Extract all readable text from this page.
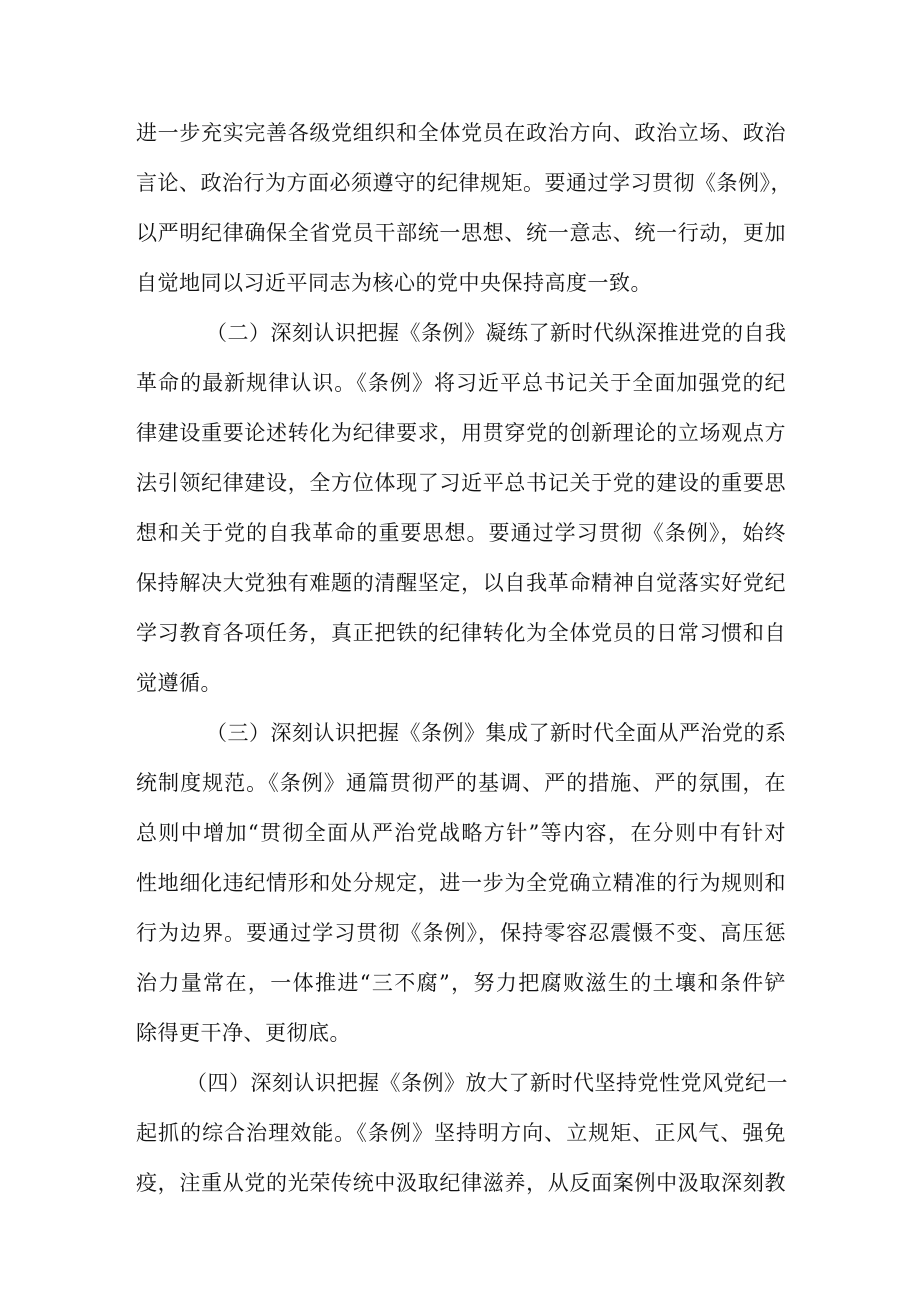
进一步充实完善各级党组织和全体党员在政治方向、政治立场、政治
言论、政治行为方面必须遵守的纪律规矩。要通过学习贯彻《条例》，
以严明纪律确保全省党员干部统一思想、统一意志、统一行动，更加
自觉地同以习近平同志为核心的党中央保持高度一致。
（二）深刻认识把握《条例》凝练了新时代纵深推进党的自我
革命的最新规律认识。《条例》将习近平总书记关于全面加强党的纪
律建设重要论述转化为纪律要求，用贯穿党的创新理论的立场观点方
法引领纪律建设，全方位体现了习近平总书记关于党的建设的重要思
想和关于党的自我革命的重要思想。要通过学习贯彻《条例》，始终
保持解决大党独有难题的清醒坚定，以自我革命精神自觉落实好党纪
学习教育各项任务，真正把铁的纪律转化为全体党员的日常习惯和自
觉遵循。
（三）深刻认识把握《条例》集成了新时代全面从严治党的系
统制度规范。《条例》通篇贯彻严的基调、严的措施、严的氛围，在
总则中增加“贯彻全面从严治党战略方针”等内容，在分则中有针对
性地细化违纪情形和处分规定，进一步为全党确立精准的行为规则和
行为边界。要通过学习贯彻《条例》，保持零容忍震慑不变、高压惩
治力量常在，一体推进“三不腐”，努力把腐败滋生的土壤和条件铲
除得更干净、更彻底。
（四）深刻认识把握《条例》放大了新时代坚持党性党风党纪一
起抓的综合治理效能。《条例》坚持明方向、立规矩、正风气、强免
疫，注重从党的光荣传统中汲取纪律滋养，从反面案例中汲取深刻教
